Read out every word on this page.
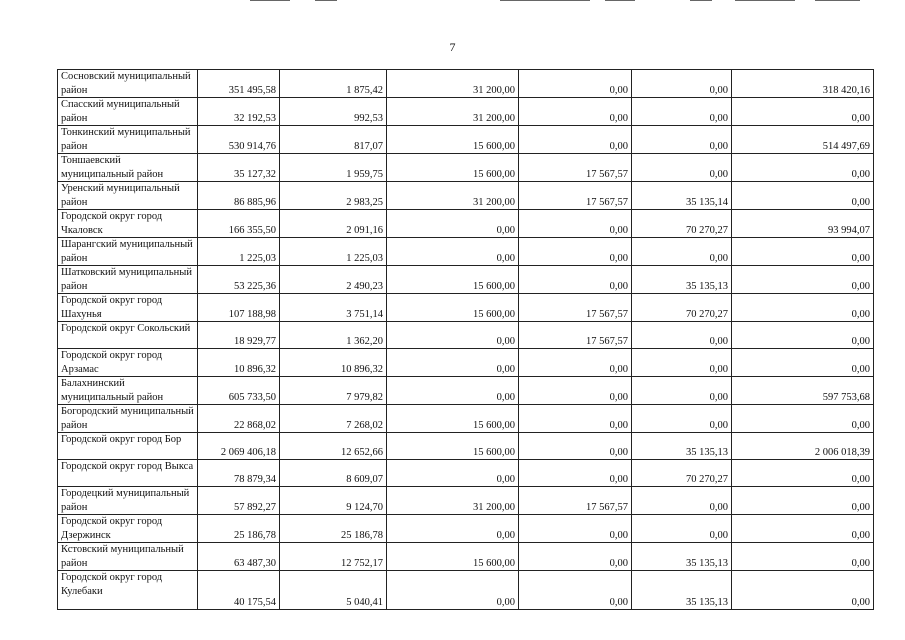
7
Сосновский муниципальный район	351 495,58	1 875,42	31 200,00	0,00	0,00	318 420,16
Спасский муниципальный район	32 192,53	992,53	31 200,00	0,00	0,00	0,00
Тонкинский муниципальный район	530 914,76	817,07	15 600,00	0,00	0,00	514 497,69
Тоншаевский муниципальный район	35 127,32	1 959,75	15 600,00	17 567,57	0,00	0,00
Уренский муниципальный район	86 885,96	2 983,25	31 200,00	17 567,57	35 135,14	0,00
Городской округ город Чкаловск	166 355,50	2 091,16	0,00	0,00	70 270,27	93 994,07
Шарангский муниципальный район	1 225,03	1 225,03	0,00	0,00	0,00	0,00
Шатковский муниципальный район	53 225,36	2 490,23	15 600,00	0,00	35 135,13	0,00
Городской округ город Шахунья	107 188,98	3 751,14	15 600,00	17 567,57	70 270,27	0,00
Городской округ Сокольский	18 929,77	1 362,20	0,00	17 567,57	0,00	0,00
Городской округ город Арзамас	10 896,32	10 896,32	0,00	0,00	0,00	0,00
Балахнинский муниципальный район	605 733,50	7 979,82	0,00	0,00	0,00	597 753,68
Богородский муниципальный район	22 868,02	7 268,02	15 600,00	0,00	0,00	0,00
Городской округ город Бор	2 069 406,18	12 652,66	15 600,00	0,00	35 135,13	2 006 018,39
Городской округ город Выкса	78 879,34	8 609,07	0,00	0,00	70 270,27	0,00
Городецкий муниципальный район	57 892,27	9 124,70	31 200,00	17 567,57	0,00	0,00
Городской округ город Дзержинск	25 186,78	25 186,78	0,00	0,00	0,00	0,00
Кстовский муниципальный район	63 487,30	12 752,17	15 600,00	0,00	35 135,13	0,00
Городской округ город Кулебаки	40 175,54	5 040,41	0,00	0,00	35 135,13	0,00
